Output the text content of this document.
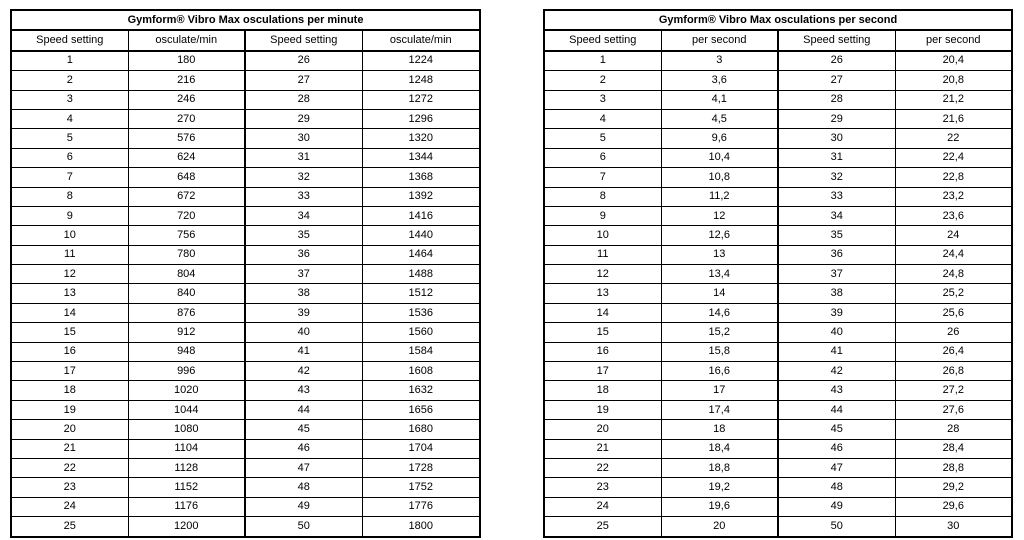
Gymform® Vibro Max osculations per minute			
Speed setting	osculate/min	Speed setting	osculate/min
1	180	26	1224
2	216	27	1248
3	246	28	1272
4	270	29	1296
5	576	30	1320
6	624	31	1344
7	648	32	1368
8	672	33	1392
9	720	34	1416
10	756	35	1440
11	780	36	1464
12	804	37	1488
13	840	38	1512
14	876	39	1536
15	912	40	1560
16	948	41	1584
17	996	42	1608
18	1020	43	1632
19	1044	44	1656
20	1080	45	1680
21	1104	46	1704
22	1128	47	1728
23	1152	48	1752
24	1176	49	1776
25	1200	50	1800
Gymform® Vibro Max osculations per second			
Speed setting	per second	Speed setting	per second
1	3	26	20,4
2	3,6	27	20,8
3	4,1	28	21,2
4	4,5	29	21,6
5	9,6	30	22
6	10,4	31	22,4
7	10,8	32	22,8
8	11,2	33	23,2
9	12	34	23,6
10	12,6	35	24
11	13	36	24,4
12	13,4	37	24,8
13	14	38	25,2
14	14,6	39	25,6
15	15,2	40	26
16	15,8	41	26,4
17	16,6	42	26,8
18	17	43	27,2
19	17,4	44	27,6
20	18	45	28
21	18,4	46	28,4
22	18,8	47	28,8
23	19,2	48	29,2
24	19,6	49	29,6
25	20	50	30
